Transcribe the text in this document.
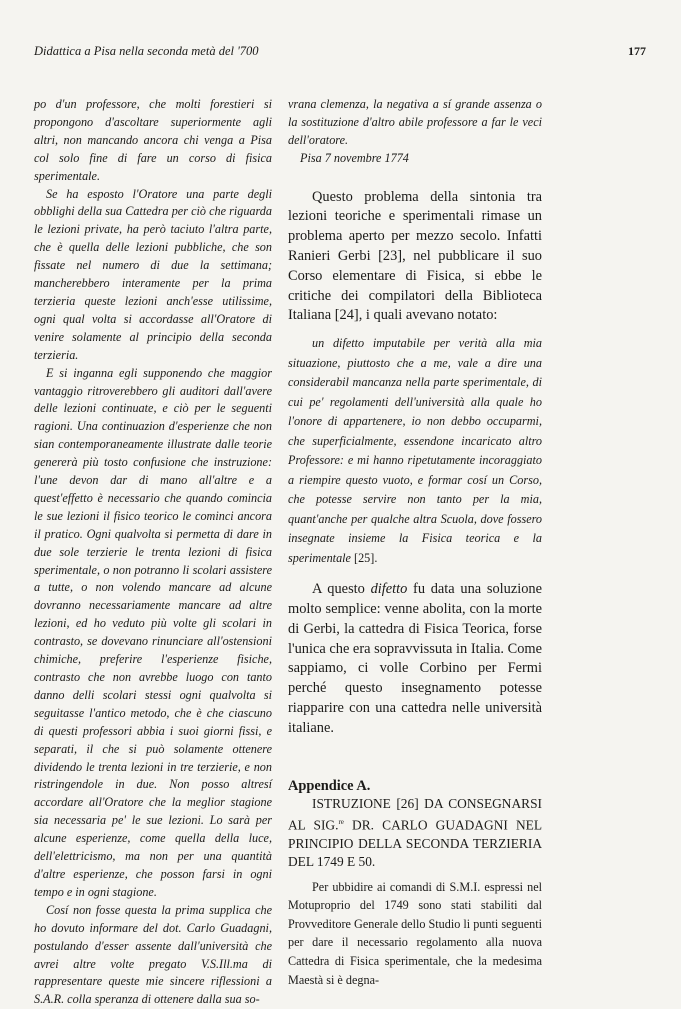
Didattica a Pisa nella seconda metà del '700	177

po d'un professore, che molti forestieri si propongono d'ascoltare superiormente agli altri, non mancando ancora chi venga a Pisa col solo fine di fare un corso di fisica sperimentale.

Se ha esposto l'Oratore una parte degli obblighi della sua Cattedra per ciò che riguarda le lezioni private, ha però taciuto l'altra parte, che è quella delle lezioni pubbliche, che son fissate nel numero di due la settimana; mancherebbero interamente per la prima terzieria queste lezioni anch'esse utilissime, ogni qual volta si accordasse all'Oratore di venire solamente al principio della seconda terzieria.

E si inganna egli supponendo che maggior vantaggio ritroverebbero gli auditori dall'avere delle lezioni continuate, e ciò per le seguenti ragioni. Una continuazion d'esperienze che non sian contemporaneamente illustrate dalle teorie genererà più tosto confusione che instruzione: l'une devon dar di mano all'altre e a quest'effetto è necessario che quando comincia le sue lezioni il fisico teorico le cominci ancora il pratico. Ogni qualvolta si permetta di dare in due sole terzierie le trenta lezioni di fisica sperimentale, o non potranno li scolari assistere a tutte, o non volendo mancare ad alcune dovranno necessariamente mancare ad altre lezioni, ed ho veduto più volte gli scolari in contrasto, se dovevano rinunciare all'ostensioni chimiche, preferire l'esperienze fisiche, contrasto che non avrebbe luogo con tanto danno delli scolari stessi ogni qualvolta si seguitasse l'antico metodo, che è che ciascuno di questi professori abbia i suoi giorni fissi, e separati, il che si può solamente ottenere dividendo le trenta lezioni in tre terzierie, e non ristringendole in due. Non posso altresí accordare all'Oratore che la meglior stagione sia necessaria pe' le sue lezioni. Lo sarà per alcune esperienze, come quella della luce, dell'elettricismo, ma non per una quantità d'altre esperienze, che posson farsi in ogni tempo e in ogni stagione.

Cosí non fosse questa la prima supplica che ho dovuto informare del dot. Carlo Guadagni, postulando d'esser assente dall'università che avrei altre volte pregato V.S.Ill.ma di rappresentare queste mie sincere riflessioni a S.A.R. colla speranza di ottenere dalla sua so-

vrana clemenza, la negativa a sí grande assenza o la sostituzione d'altro abile professore a far le veci dell'oratore.

Pisa 7 novembre 1774

Questo problema della sintonia tra lezioni teoriche e sperimentali rimase un problema aperto per mezzo secolo. Infatti Ranieri Gerbi [23], nel pubblicare il suo Corso elementare di Fisica, si ebbe le critiche dei compilatori della Biblioteca Italiana [24], i quali avevano notato:

un difetto imputabile per verità alla mia situazione, piuttosto che a me, vale a dire una considerabil mancanza nella parte sperimentale, di cui pe' regolamenti dell'università alla quale ho l'onore di appartenere, io non debbo occuparmi, che superficialmente, essendone incaricato altro Professore: e mi hanno ripetutamente incoraggiato a riempire questo vuoto, e formar cosí un Corso, che potesse servire non tanto per la mia, quant'anche per qualche altra Scuola, dove fossero insegnate insieme la Fisica teorica e la sperimentale [25].

A questo difetto fu data una soluzione molto semplice: venne abolita, con la morte di Gerbi, la cattedra di Fisica Teorica, forse l'unica che era sopravvissuta in Italia. Come sappiamo, ci volle Corbino per Fermi perché questo insegnamento potesse riapparire con una cattedra nelle università italiane.

Appendice A.

ISTRUZIONE [26] DA CONSEGNARSI AL SIG.$^{re}$ DR. CARLO GUADAGNI NEL PRINCIPIO DELLA SECONDA TERZIERIA DEL 1749 E 50.

Per ubbidire ai comandi di S.M.I. espressi nel Motuproprio del 1749 sono stati stabiliti dal Provveditore Generale dello Studio li punti seguenti per dare il necessario regolamento alla nuova Cattedra di Fisica sperimentale, che la medesima Maestà si è degna-
